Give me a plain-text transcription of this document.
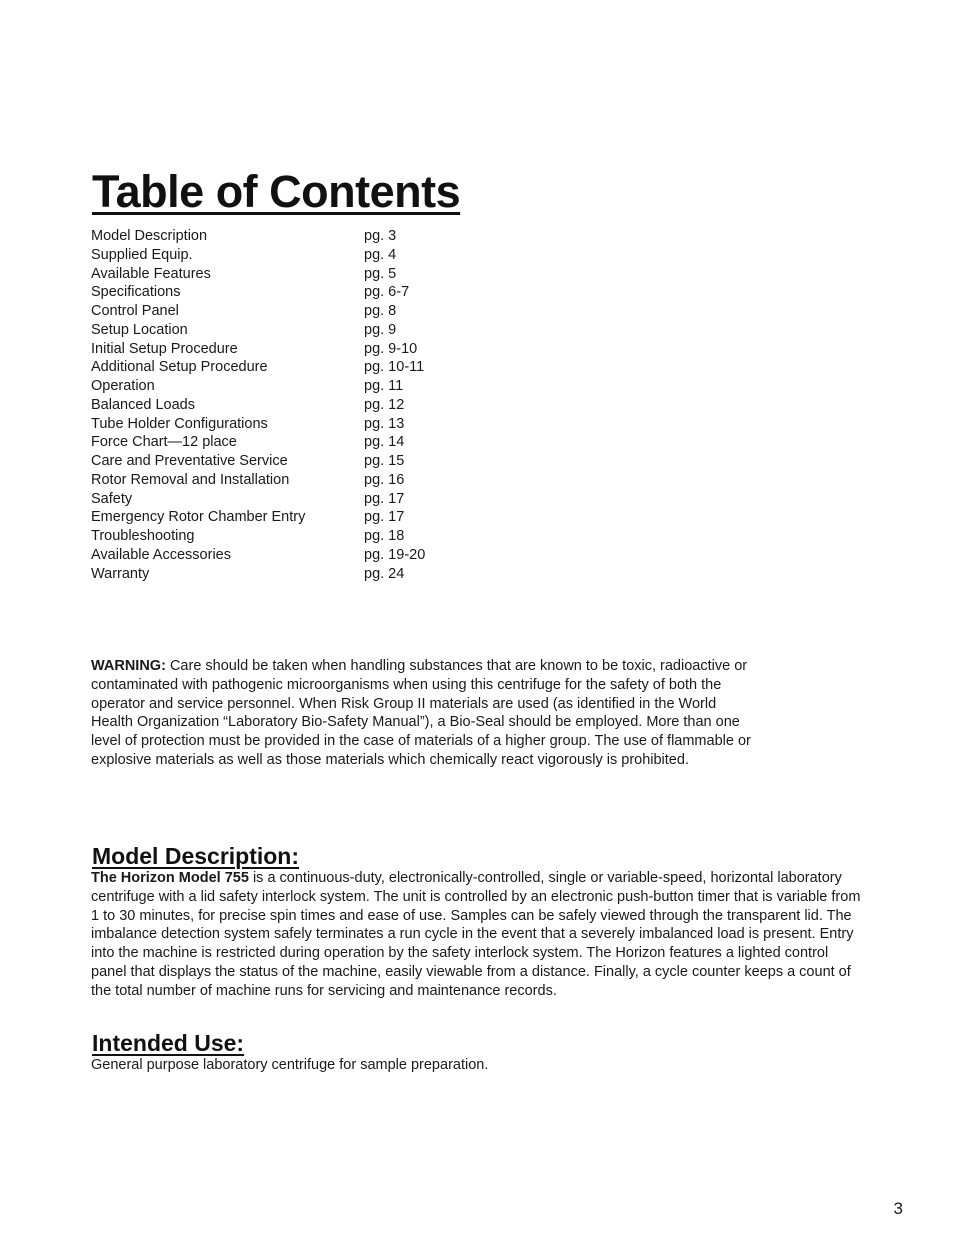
Table of Contents
Model Description	pg. 3
Supplied Equip.	pg. 4
Available Features	pg. 5
Specifications	pg. 6-7
Control Panel	pg. 8
Setup Location	pg. 9
Initial Setup Procedure	pg. 9-10
Additional Setup Procedure	pg. 10-11
Operation	pg. 11
Balanced Loads	pg. 12
Tube Holder Configurations	pg. 13
Force Chart—12 place	pg. 14
Care and Preventative Service	pg. 15
Rotor Removal and Installation	pg. 16
Safety	pg. 17
Emergency Rotor Chamber Entry	pg. 17
Troubleshooting	pg. 18
Available Accessories	pg. 19-20
Warranty	pg. 24

WARNING: Care should be taken when handling substances that are known to be toxic, radioactive or contaminated with pathogenic microorganisms when using this centrifuge for the safety of both the operator and service personnel. When Risk Group II materials are used (as identified in the World Health Organization “Laboratory Bio-Safety Manual”), a Bio-Seal should be employed. More than one level of protection must be provided in the case of materials of a higher group. The use of flammable or explosive materials as well as those materials which chemically react vigorously is prohibited.

Model Description:

The Horizon Model 755 is a continuous-duty, electronically-controlled, single or variable-speed, horizontal laboratory centrifuge with a lid safety interlock system. The unit is controlled by an electronic push-button timer that is variable from 1 to 30 minutes, for precise spin times and ease of use. Samples can be safely viewed through the transparent lid. The imbalance detection system safely terminates a run cycle in the event that a severely imbalanced load is present. Entry into the machine is restricted during operation by the safety interlock system. The Horizon features a lighted control panel that displays the status of the machine, easily viewable from a distance. Finally, a cycle counter keeps a count of the total number of machine runs for servicing and maintenance records.

Intended Use:

General purpose laboratory centrifuge for sample preparation.

3
